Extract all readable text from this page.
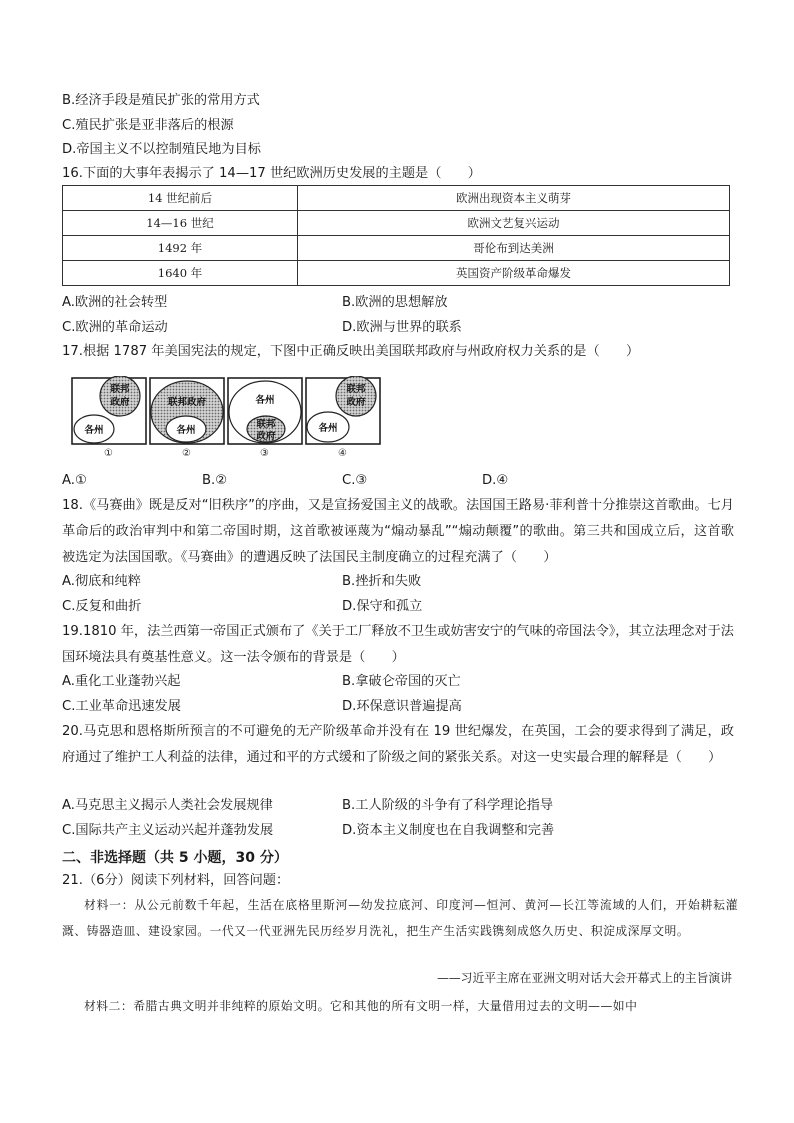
B.经济手段是殖民扩张的常用方式
C.殖民扩张是亚非落后的根源
D.帝国主义不以控制殖民地为目标
16.下面的大事年表揭示了 14—17 世纪欧洲历史发展的主题是（　　）
14 世纪前后	欧洲出现资本主义萌芽
14—16 世纪	欧洲文艺复兴运动
1492 年	哥伦布到达美洲
1640 年	英国资产阶级革命爆发
A.欧洲的社会转型	B.欧洲的思想解放
C.欧洲的革命运动	D.欧洲与世界的联系
17.根据 1787 年美国宪法的规定，下图中正确反映出美国联邦政府与州政府权力关系的是（　　）
联邦
政府
各州
联邦政府
各州
各州
联邦
政府
联邦
政府
各州
①	②	③	④
A.①	B.②	C.③	D.④
18.《马赛曲》既是反对“旧秩序”的序曲，又是宣扬爱国主义的战歌。法国国王路易·菲利普十分推崇这首歌曲。七月革命后的政治审判中和第二帝国时期，这首歌被诬蔑为“煽动暴乱”“煽动颠覆”的歌曲。第三共和国成立后，这首歌被选定为法国国歌。《马赛曲》的遭遇反映了法国民主制度确立的过程充满了（　　）
A.彻底和纯粹	B.挫折和失败
C.反复和曲折	D.保守和孤立
19.1810 年，法兰西第一帝国正式颁布了《关于工厂释放不卫生或妨害安宁的气味的帝国法令》，其立法理念对于法国环境法具有奠基性意义。这一法令颁布的背景是（　　）
A.重化工业蓬勃兴起	B.拿破仑帝国的灭亡
C.工业革命迅速发展	D.环保意识普遍提高
20.马克思和恩格斯所预言的不可避免的无产阶级革命并没有在 19 世纪爆发，在英国，工会的要求得到了满足，政府通过了维护工人利益的法律，通过和平的方式缓和了阶级之间的紧张关系。对这一史实最合理的解释是（　　）
A.马克思主义揭示人类社会发展规律	B.工人阶级的斗争有了科学理论指导
C.国际共产主义运动兴起并蓬勃发展	D.资本主义制度也在自我调整和完善
二、非选择题（共 5 小题，30 分）
21.（6分）阅读下列材料，回答问题：
材料一：从公元前数千年起，生活在底格里斯河—幼发拉底河、印度河—恒河、黄河—长江等流域的人们，开始耕耘灌溉、铸器造皿、建设家园。一代又一代亚洲先民历经岁月洗礼，把生产生活实践镌刻成悠久历史、积淀成深厚文明。
——习近平主席在亚洲文明对话大会开幕式上的主旨演讲
材料二：希腊古典文明并非纯粹的原始文明。它和其他的所有文明一样，大量借用过去的文明——如中
